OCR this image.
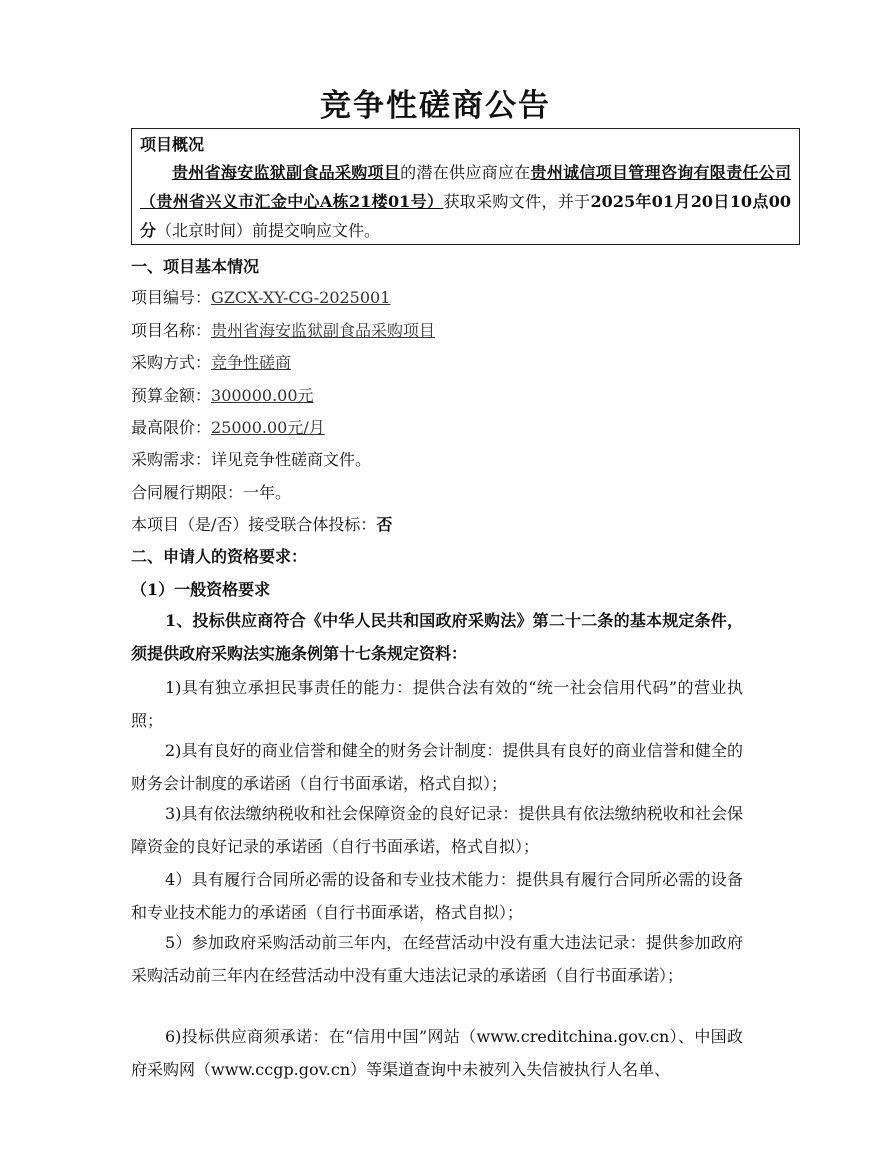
竞争性磋商公告
项目概况
贵州省海安监狱副食品采购项目的潜在供应商应在贵州诚信项目管理咨询有限责任公司（贵州省兴义市汇金中心A栋21楼01号）获取采购文件，并于2025年01月20日10点00分（北京时间）前提交响应文件。
一、项目基本情况
项目编号：GZCX-XY-CG-2025001
项目名称：贵州省海安监狱副食品采购项目
采购方式：竞争性磋商
预算金额：300000.00元
最高限价：25000.00元/月
采购需求：详见竞争性磋商文件。
合同履行期限：一年。
本项目（是/否）接受联合体投标：否
二、申请人的资格要求：
（1）一般资格要求
1、投标供应商符合《中华人民共和国政府采购法》第二十二条的基本规定条件，须提供政府采购法实施条例第十七条规定资料：
1)具有独立承担民事责任的能力：提供合法有效的“统一社会信用代码”的营业执照；
2)具有良好的商业信誉和健全的财务会计制度：提供具有良好的商业信誉和健全的财务会计制度的承诺函（自行书面承诺，格式自拟）；
3)具有依法缴纳税收和社会保障资金的良好记录：提供具有依法缴纳税收和社会保障资金的良好记录的承诺函（自行书面承诺，格式自拟）；
4）具有履行合同所必需的设备和专业技术能力：提供具有履行合同所必需的设备和专业技术能力的承诺函（自行书面承诺，格式自拟）；
5）参加政府采购活动前三年内，在经营活动中没有重大违法记录：提供参加政府采购活动前三年内在经营活动中没有重大违法记录的承诺函（自行书面承诺）；
6)投标供应商须承诺：在“信用中国”网站（www.creditchina.gov.cn）、中国政府采购网（www.ccgp.gov.cn）等渠道查询中未被列入失信被执行人名单、
